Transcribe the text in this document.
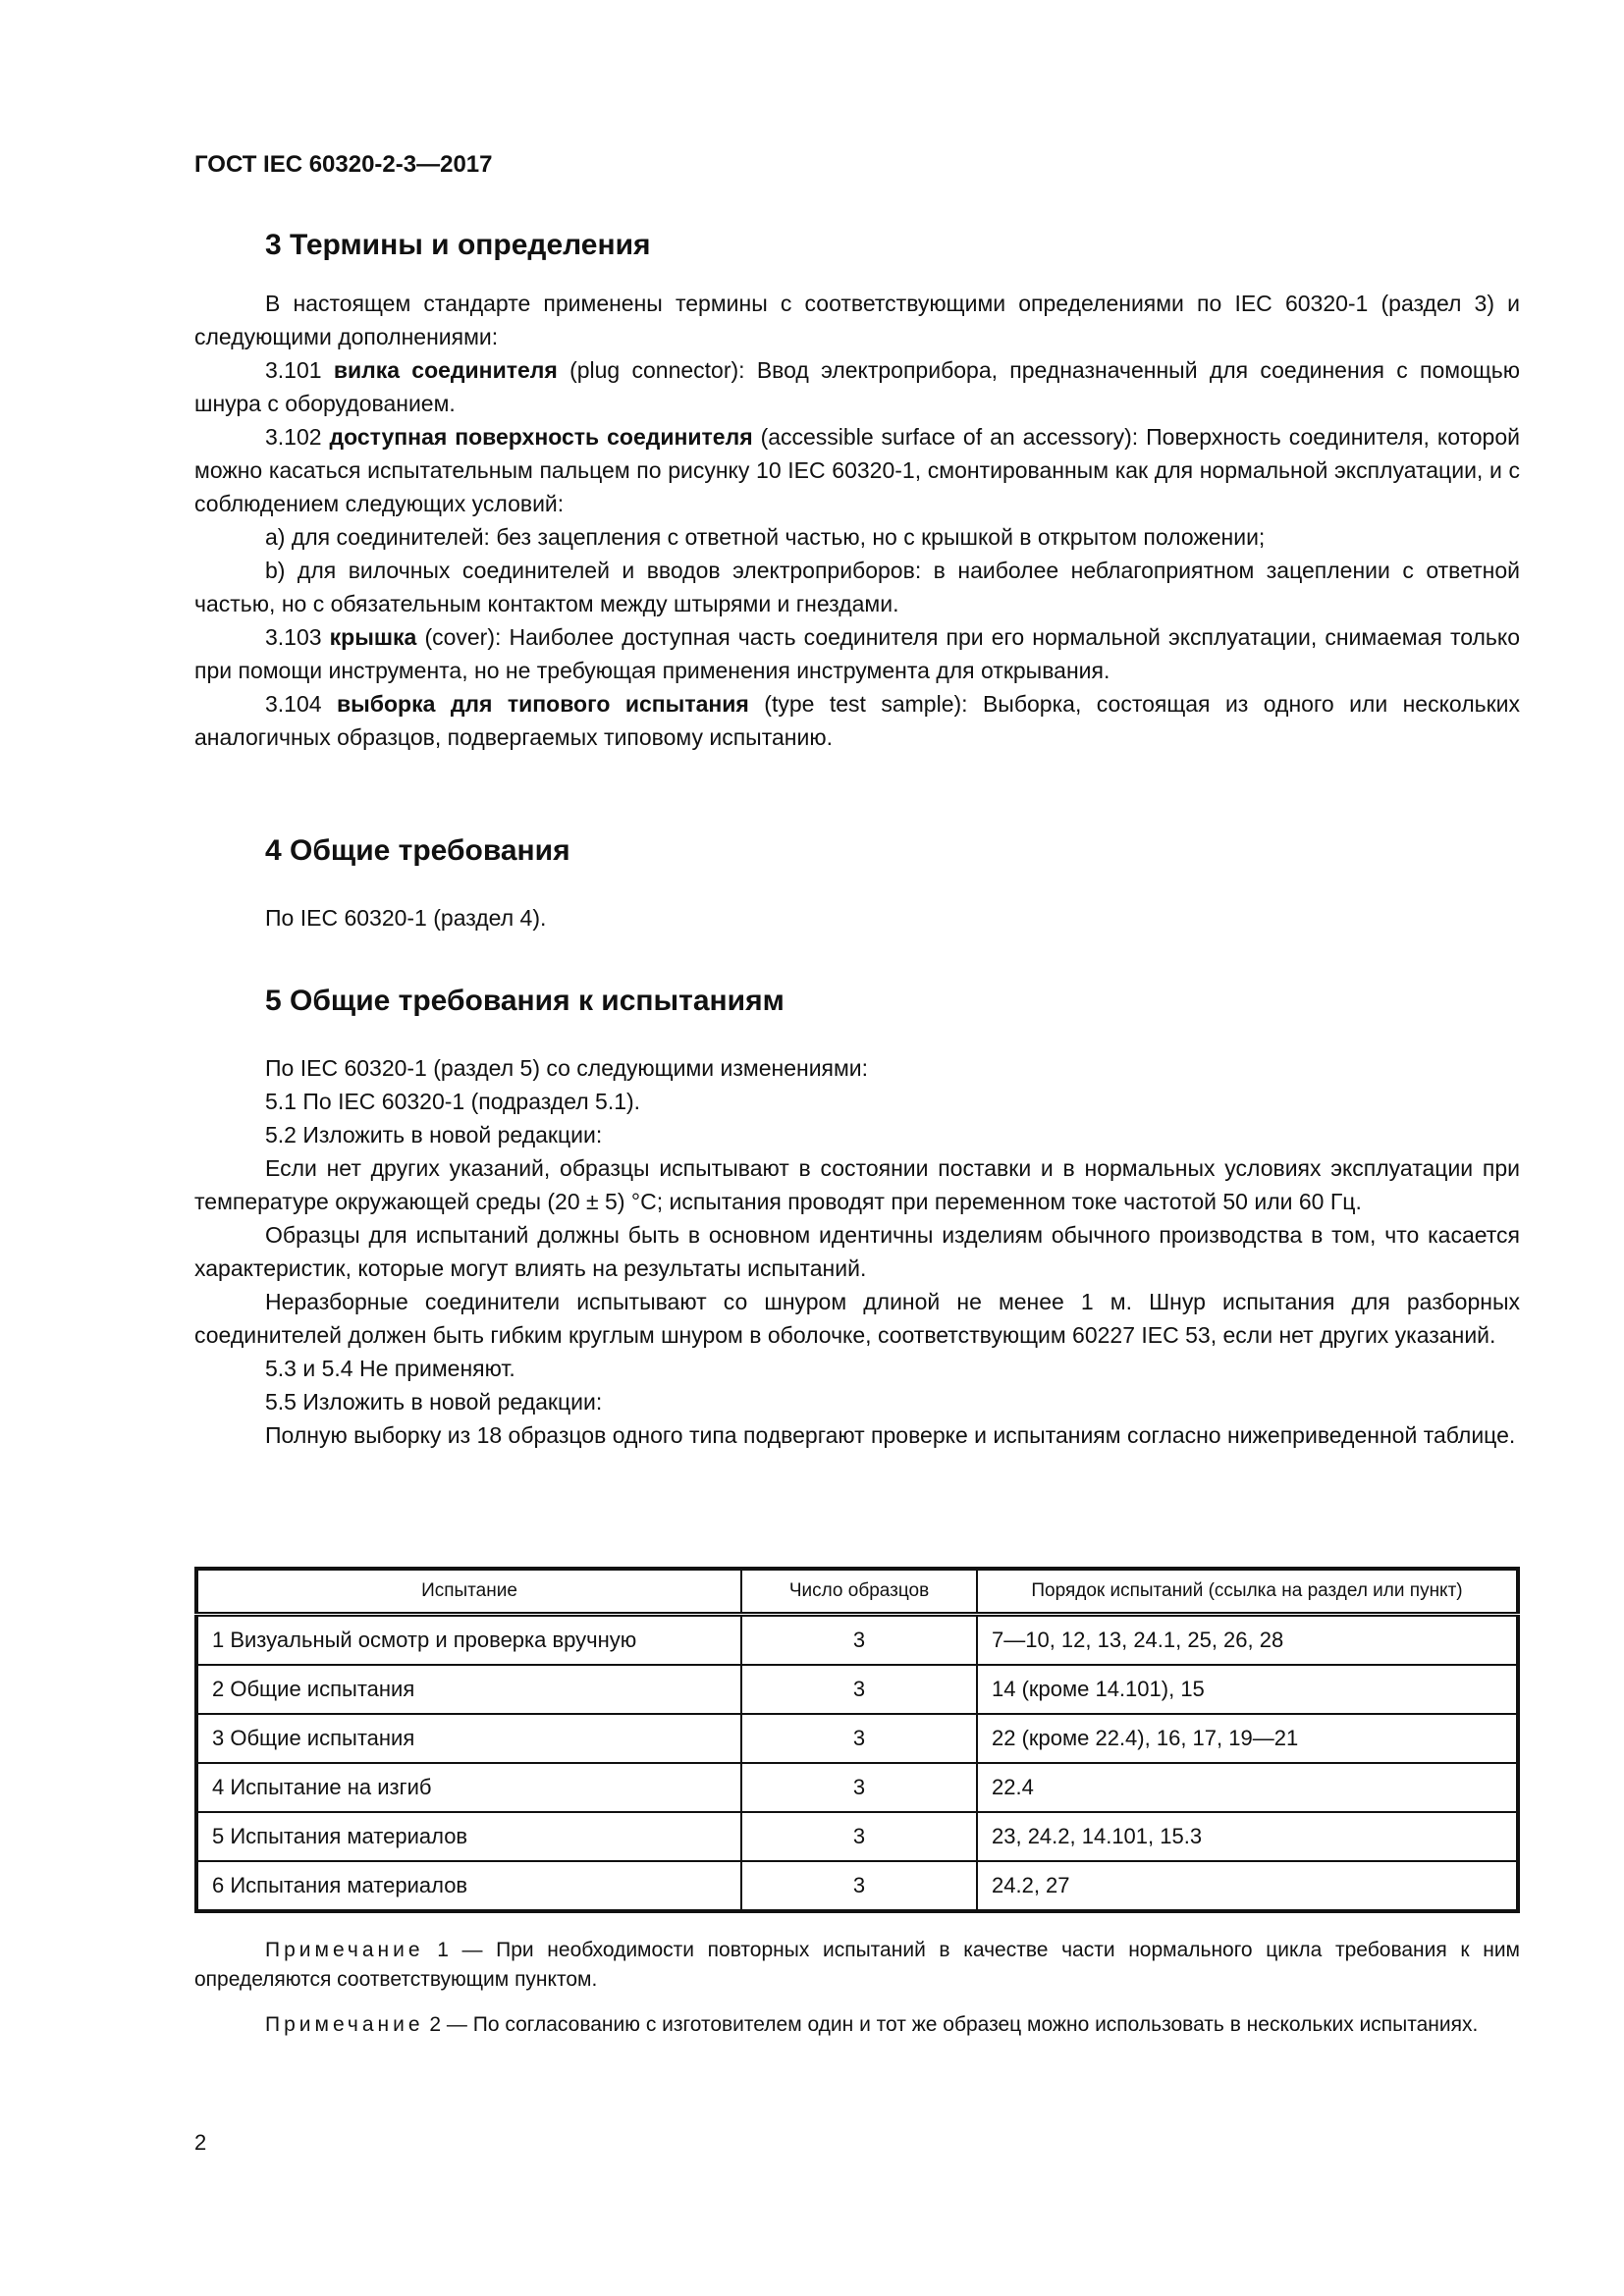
ГОСТ IEC 60320-2-3—2017
3 Термины и определения

В настоящем стандарте применены термины с соответствующими определениями по IEC 60320-1 (раздел 3) и следующими дополнениями:

3.101 вилка соединителя (plug connector): Ввод электроприбора, предназначенный для соединения с помощью шнура с оборудованием.

3.102 доступная поверхность соединителя (accessible surface of an accessory): Поверхность соединителя, которой можно касаться испытательным пальцем по рисунку 10 IEC 60320-1, смонтированным как для нормальной эксплуатации, и с соблюдением следующих условий:

a) для соединителей: без зацепления с ответной частью, но с крышкой в открытом положении;

b) для вилочных соединителей и вводов электроприборов: в наиболее неблагоприятном зацеплении с ответной частью, но с обязательным контактом между штырями и гнездами.

3.103 крышка (cover): Наиболее доступная часть соединителя при его нормальной эксплуатации, снимаемая только при помощи инструмента, но не требующая применения инструмента для открывания.

3.104 выборка для типового испытания (type test sample): Выборка, состоящая из одного или нескольких аналогичных образцов, подвергаемых типовому испытанию.

4 Общие требования

По IEC 60320-1 (раздел 4).

5 Общие требования к испытаниям

По IEC 60320-1 (раздел 5) со следующими изменениями:

5.1 По IEC 60320-1 (подраздел 5.1).

5.2 Изложить в новой редакции:

Если нет других указаний, образцы испытывают в состоянии поставки и в нормальных условиях эксплуатации при температуре окружающей среды (20 ± 5) °С; испытания проводят при переменном токе частотой 50 или 60 Гц.

Образцы для испытаний должны быть в основном идентичны изделиям обычного производства в том, что касается характеристик, которые могут влиять на результаты испытаний.

Неразборные соединители испытывают со шнуром длиной не менее 1 м. Шнур испытания для разборных соединителей должен быть гибким круглым шнуром в оболочке, соответствующим 60227 IEC 53, если нет других указаний.

5.3 и 5.4 Не применяют.

5.5 Изложить в новой редакции:

Полную выборку из 18 образцов одного типа подвергают проверке и испытаниям согласно нижеприведенной таблице.

Испытание	Число образцов	Порядок испытаний (ссылка на раздел или пункт)
1 Визуальный осмотр и проверка вручную	3	7—10, 12, 13, 24.1, 25, 26, 28
2 Общие испытания	3	14 (кроме 14.101), 15
3 Общие испытания	3	22 (кроме 22.4), 16, 17, 19—21
4 Испытание на изгиб	3	22.4
5 Испытания материалов	3	23, 24.2, 14.101, 15.3
6 Испытания материалов	3	24.2, 27

Примечание 1 — При необходимости повторных испытаний в качестве части нормального цикла требования к ним определяются соответствующим пунктом.

Примечание 2 — По согласованию с изготовителем один и тот же образец можно использовать в нескольких испытаниях.

2
